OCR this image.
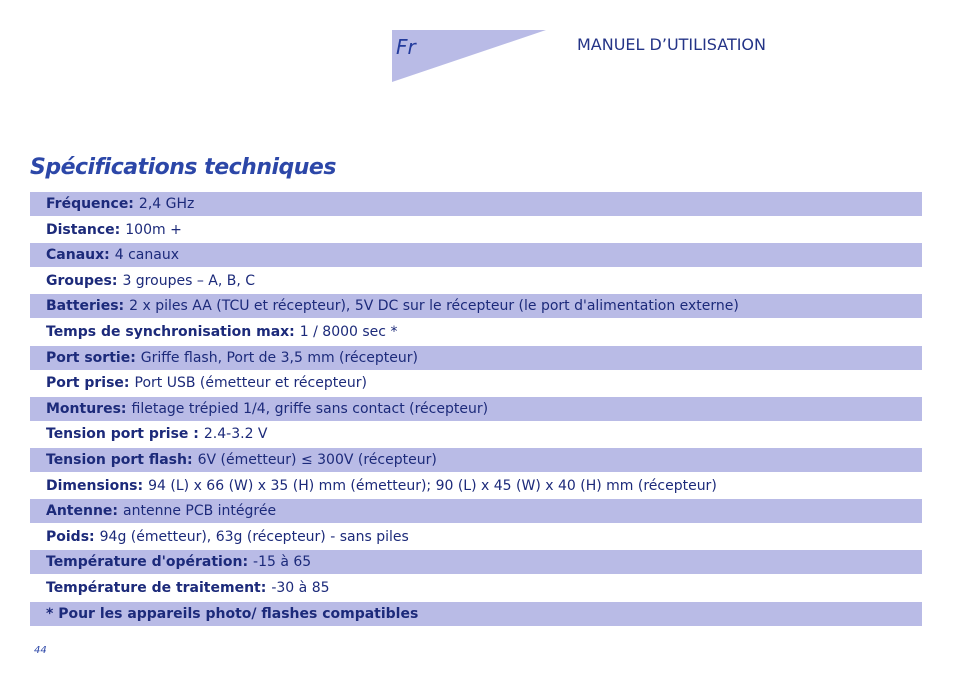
Fr	MANUEL D’UTILISATION
Spécifications techniques
Fréquence: 2,4 GHz
Distance: 100m +
Canaux: 4 canaux
Groupes: 3 groupes – A, B, C
Batteries: 2 x piles AA (TCU et récepteur), 5V DC sur le récepteur (le port d'alimentation externe)
Temps de synchronisation max: 1 / 8000 sec *
Port sortie: Griffe flash, Port de 3,5 mm (récepteur)
Port prise: Port USB (émetteur et récepteur)
Montures: filetage trépied 1/4, griffe sans contact (récepteur)
Tension port prise : 2.4-3.2 V
Tension port flash: 6V (émetteur) ≤ 300V (récepteur)
Dimensions: 94 (L) x 66 (W) x 35 (H) mm (émetteur); 90 (L) x 45 (W) x 40 (H) mm (récepteur)
Antenne: antenne PCB intégrée
Poids: 94g (émetteur), 63g (récepteur) - sans piles
Température d'opération: -15 à 65
Température de traitement: -30 à 85
* Pour les appareils photo/ flashes compatibles
44
